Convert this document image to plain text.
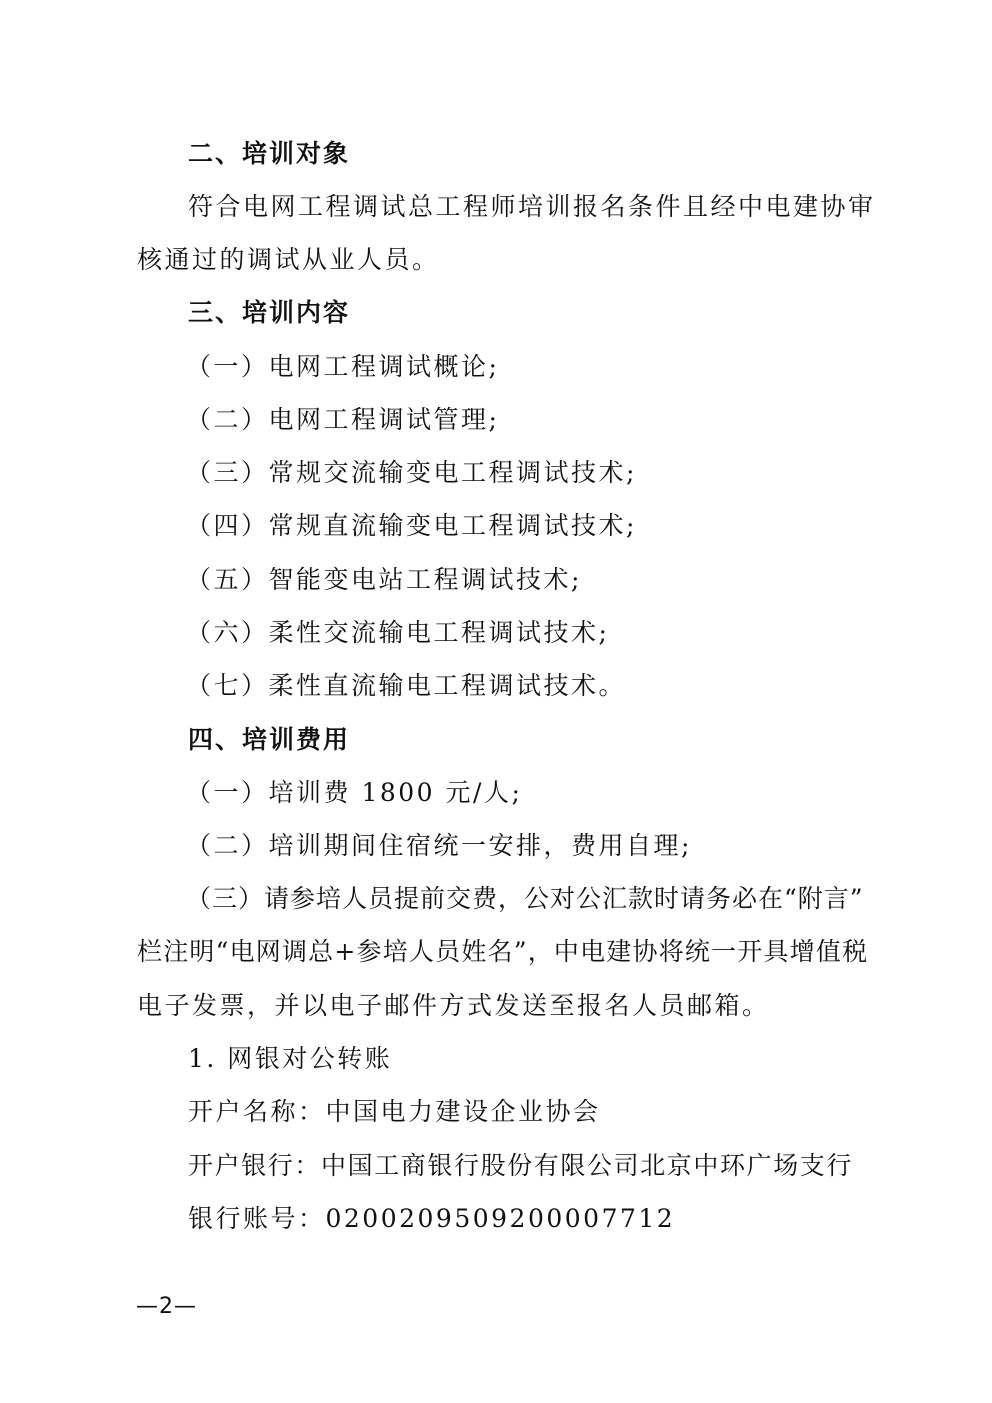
二、培训对象
符合电网工程调试总工程师培训报名条件且经中电建协审
核通过的调试从业人员。
三、培训内容
（一）电网工程调试概论;
（二）电网工程调试管理;
（三）常规交流输变电工程调试技术;
（四）常规直流输变电工程调试技术;
（五）智能变电站工程调试技术;
（六）柔性交流输电工程调试技术;
（七）柔性直流输电工程调试技术。
四、培训费用
（一）培训费 1800 元/人;
（二）培训期间住宿统一安排，费用自理;
（三）请参培人员提前交费，公对公汇款时请务必在“附言”
栏注明“电网调总+参培人员姓名”，中电建协将统一开具增值税
电子发票，并以电子邮件方式发送至报名人员邮箱。
1. 网银对公转账
开户名称：中国电力建设企业协会
开户银行：中国工商银行股份有限公司北京中环广场支行
银行账号：0200209509200007712
—2—
